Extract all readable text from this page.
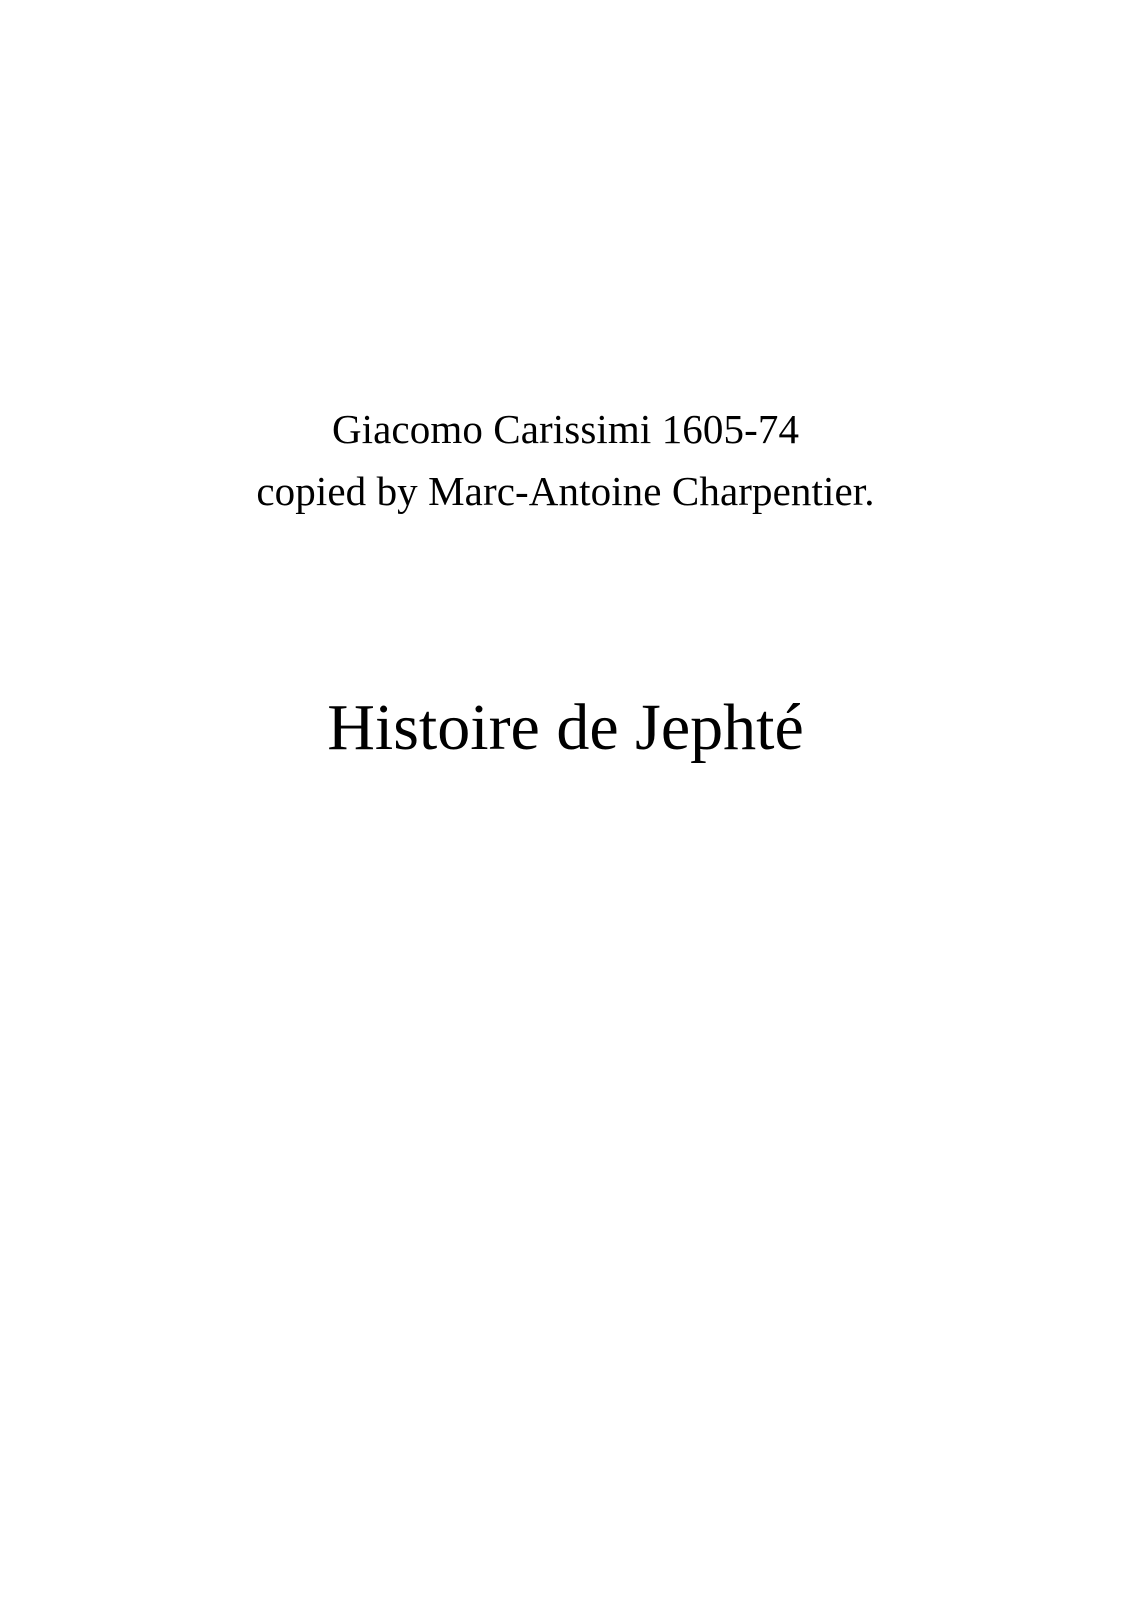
Giacomo Carissimi 1605-74
copied by Marc-Antoine Charpentier.
Histoire de Jephté
